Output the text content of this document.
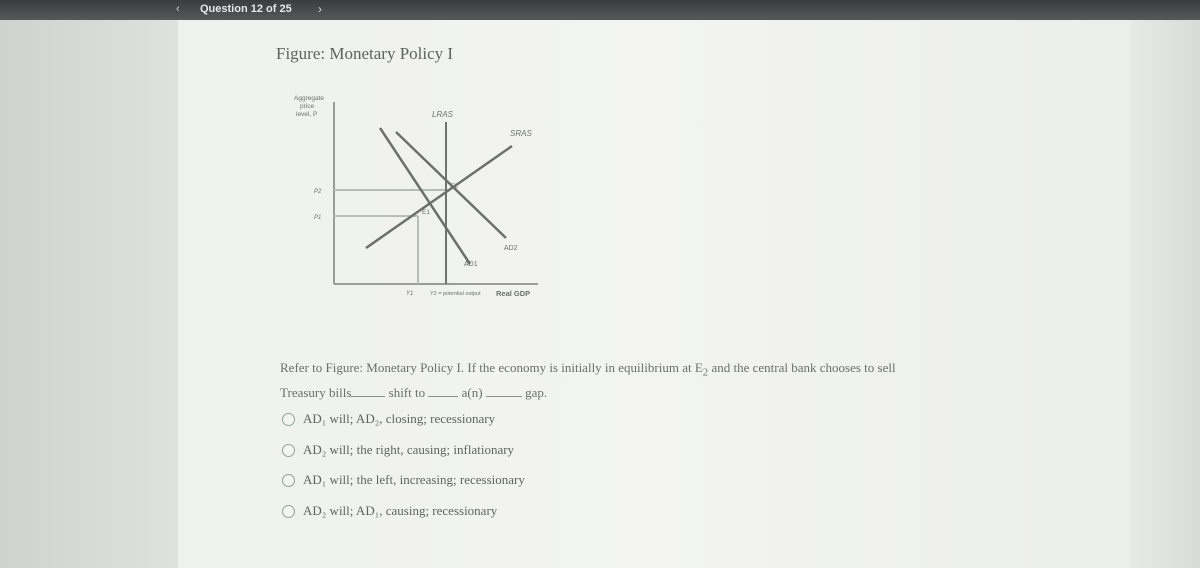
‹	Question 12 of 25 ›
Figure: Monetary Policy I
Aggregate
price
level, P	LRAS
SRAS
AD1
AD2
E1
E2
P2
P1
Y1	Y2 = potential output Real GDP
Refer to Figure: Monetary Policy I. If the economy is initially in equilibrium at $E_2$ and the central bank chooses to sell
Treasury bills	shift to  a(n)	gap.
AD₁ will; AD₂, closing; recessionary
AD₂ will; the right, causing; inflationary
AD₁ will; the left, increasing; recessionary
AD₂ will; AD₁, causing; recessionary
